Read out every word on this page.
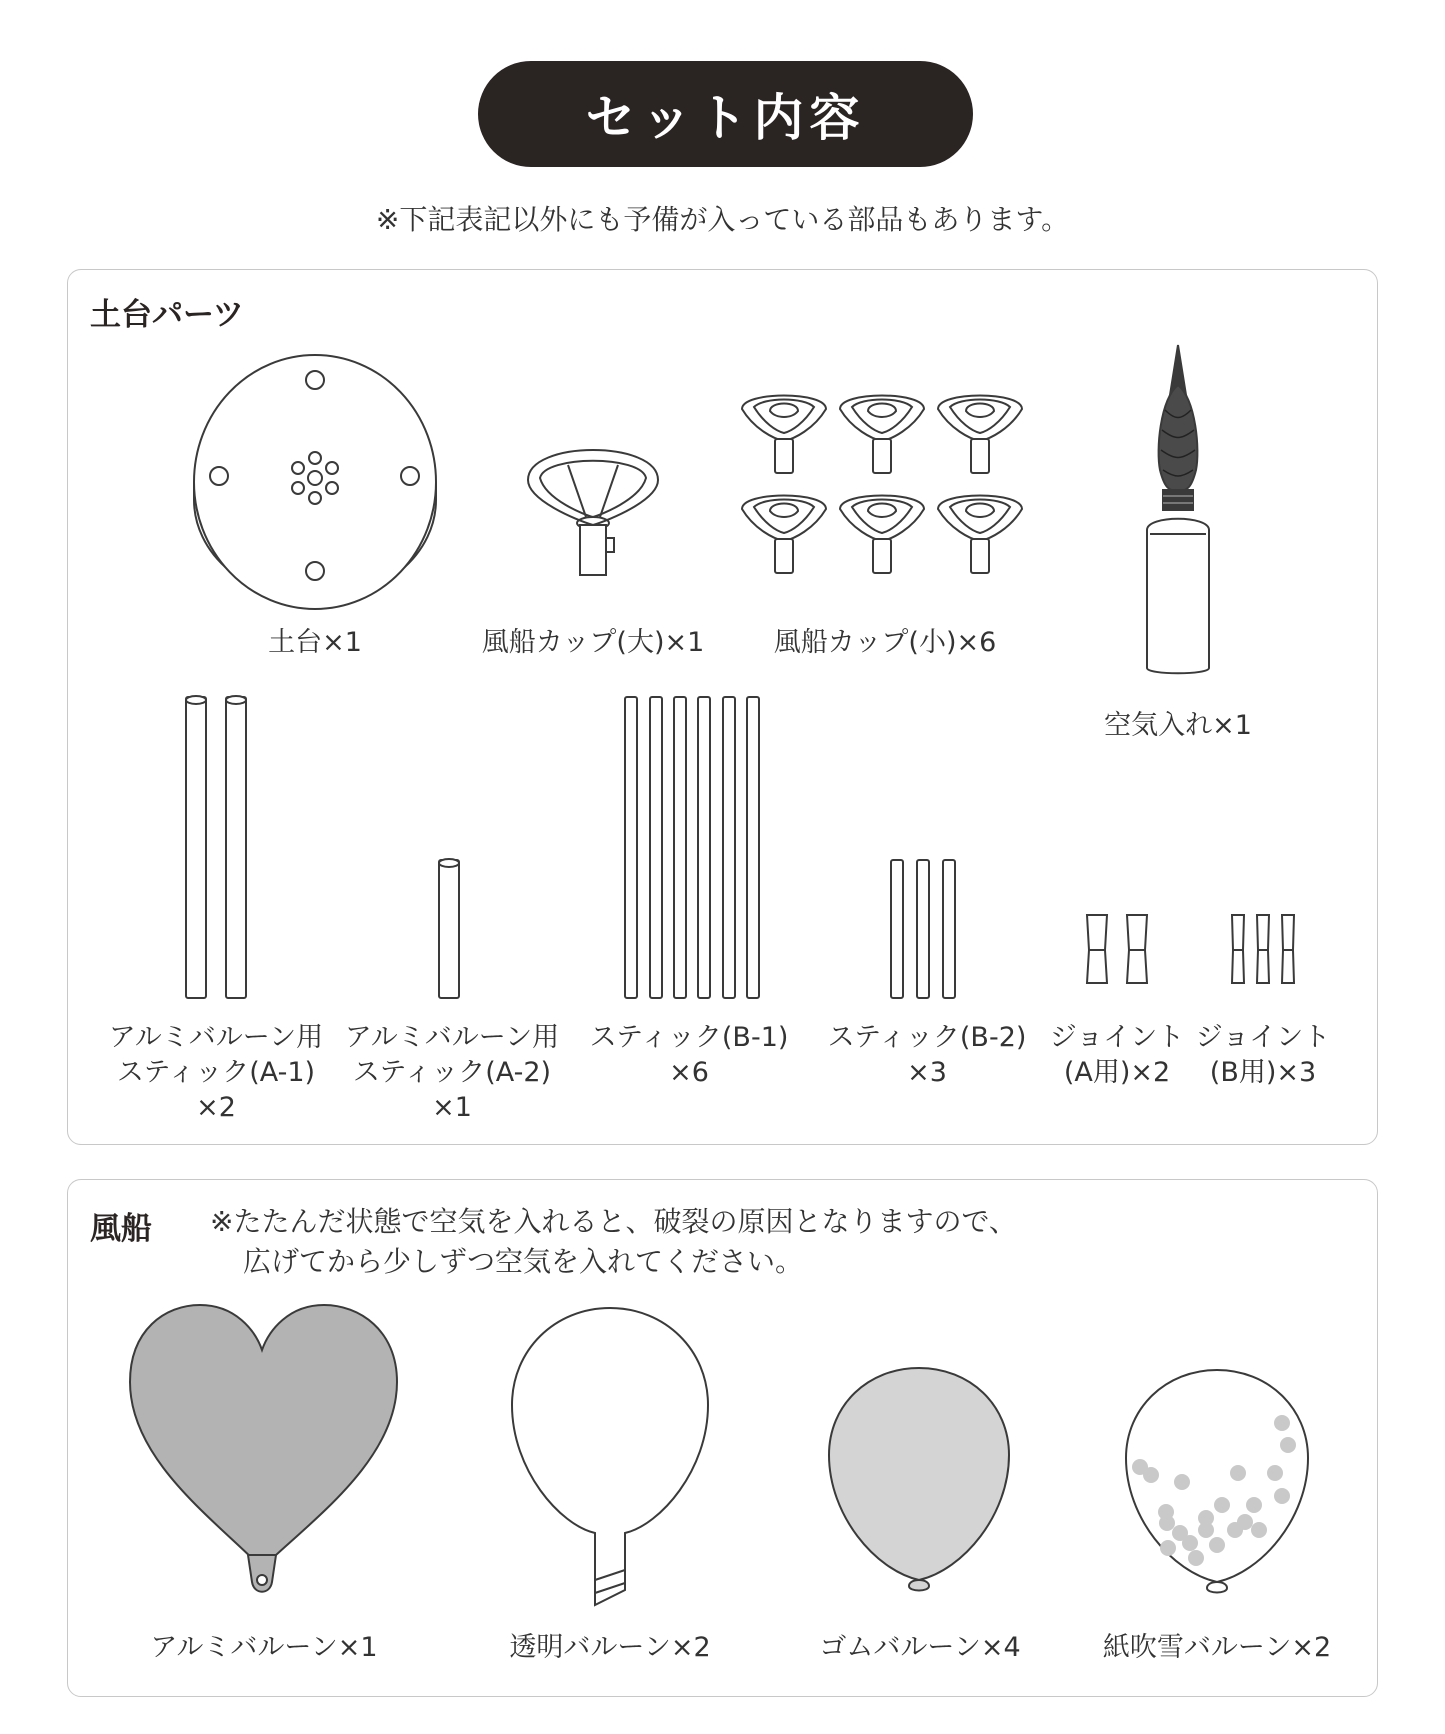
セット内容
※下記表記以外にも予備が入っている部品もあります。
土台パーツ
風船 ※たたんだ状態で空気を入れると、破裂の原因となりますので、
広げてから少しずつ空気を入れてください。
土台×1	風船カップ(大)×1	風船カップ(小)×6
空気入れ×1
アルミバルーン用
スティック(A-1)
×2
アルミバルーン用
スティック(A-2)
×1
スティック(B-1)
×6
スティック(B-2)
×3
ジョイント
(A用)×2
ジョイント
(B用)×3
アルミバルーン×1	透明バルーン×2	ゴムバルーン×4	紙吹雪バルーン×2
